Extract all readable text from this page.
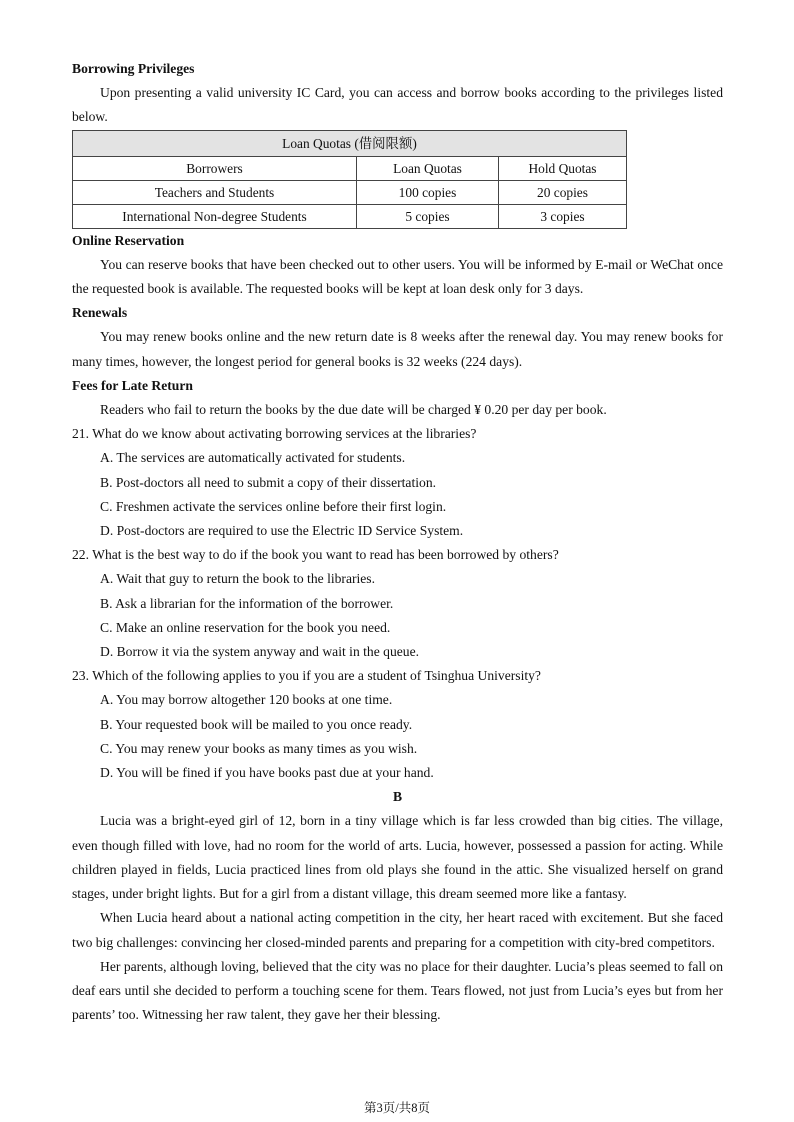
Borrowing Privileges
Upon presenting a valid university IC Card, you can access and borrow books according to the privileges listed below.
Loan Quotas (借阅限额)		
Borrowers	Loan Quotas	Hold Quotas
Teachers and Students	100 copies	20 copies
International Non-degree Students	5 copies	3 copies
Online Reservation
You can reserve books that have been checked out to other users. You will be informed by E-mail or WeChat once the requested book is available. The requested books will be kept at loan desk only for 3 days.
Renewals
You may renew books online and the new return date is 8 weeks after the renewal day. You may renew books for many times, however, the longest period for general books is 32 weeks (224 days).
Fees for Late Return
Readers who fail to return the books by the due date will be charged ¥ 0.20 per day per book.
21. What do we know about activating borrowing services at the libraries?
A. The services are automatically activated for students.
B. Post-doctors all need to submit a copy of their dissertation.
C. Freshmen activate the services online before their first login.
D. Post-doctors are required to use the Electric ID Service System.
22. What is the best way to do if the book you want to read has been borrowed by others?
A. Wait that guy to return the book to the libraries.
B. Ask a librarian for the information of the borrower.
C. Make an online reservation for the book you need.
D. Borrow it via the system anyway and wait in the queue.
23. Which of the following applies to you if you are a student of Tsinghua University?
A. You may borrow altogether 120 books at one time.
B. Your requested book will be mailed to you once ready.
C. You may renew your books as many times as you wish.
D. You will be fined if you have books past due at your hand.
B
Lucia was a bright-eyed girl of 12, born in a tiny village which is far less crowded than big cities. The village, even though filled with love, had no room for the world of arts. Lucia, however, possessed a passion for acting. While children played in fields, Lucia practiced lines from old plays she found in the attic. She visualized herself on grand stages, under bright lights. But for a girl from a distant village, this dream seemed more like a fantasy.
When Lucia heard about a national acting competition in the city, her heart raced with excitement. But she faced two big challenges: convincing her closed-minded parents and preparing for a competition with city-bred competitors.
Her parents, although loving, believed that the city was no place for their daughter. Lucia’s pleas seemed to fall on deaf ears until she decided to perform a touching scene for them. Tears flowed, not just from Lucia’s eyes but from her parents’ too. Witnessing her raw talent, they gave her their blessing.
第3页/共8页
